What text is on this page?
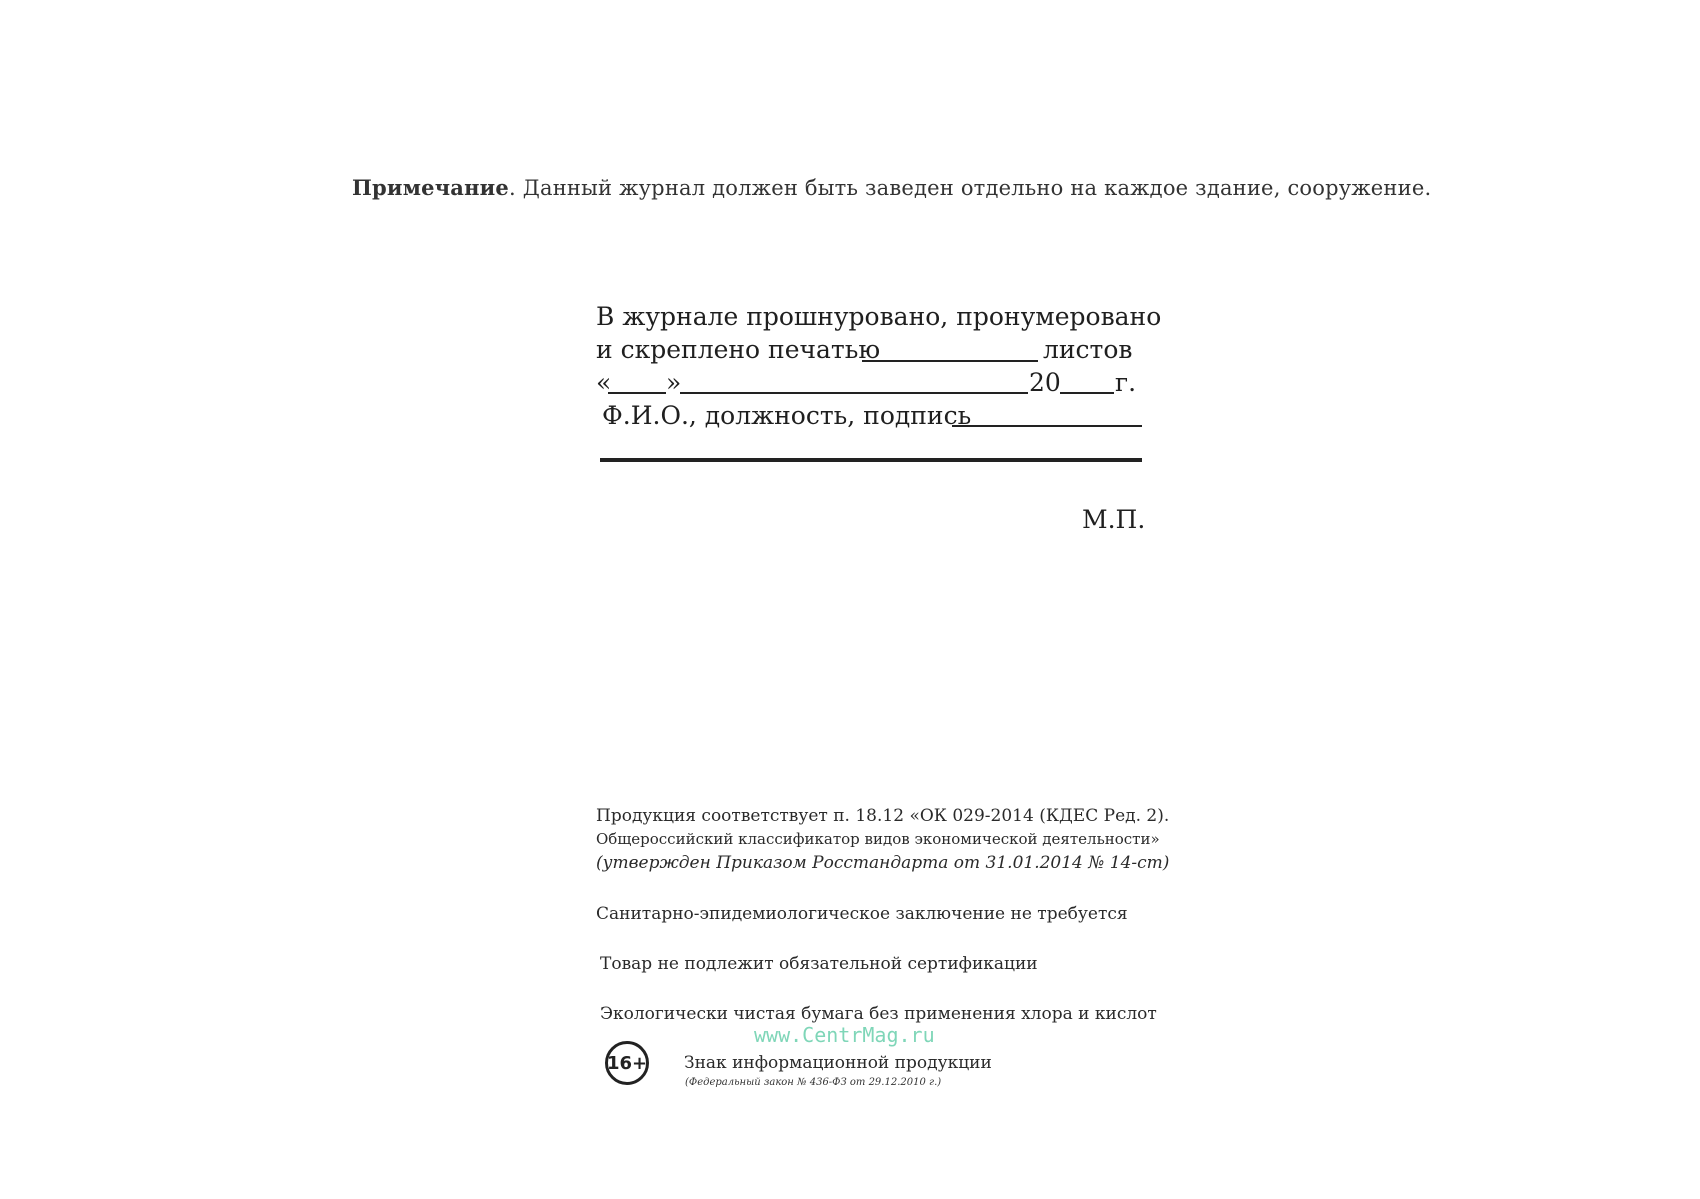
Примечание. Данный журнал должен быть заведен отдельно на каждое здание, сооружение.
В журнале прошнуровано, пронумеровано
и скреплено печатью	листов
« »	20 г.
Ф.И.О., должность, подпись
М.П.
Продукция соответствует п. 18.12 «ОК 029-2014 (КДЕС Ред. 2).
Общероссийский классификатор видов экономической деятельности»
(утвержден Приказом Росстандарта от 31.01.2014 № 14-ст)
Санитарно-эпидемиологическое заключение не требуется
Товар не подлежит обязательной сертификации
Экологически чистая бумага без применения хлора и кислот
www.CentrMag.ru
16+ Знак информационной продукции
(Федеральный закон № 436-ФЗ от 29.12.2010 г.)
